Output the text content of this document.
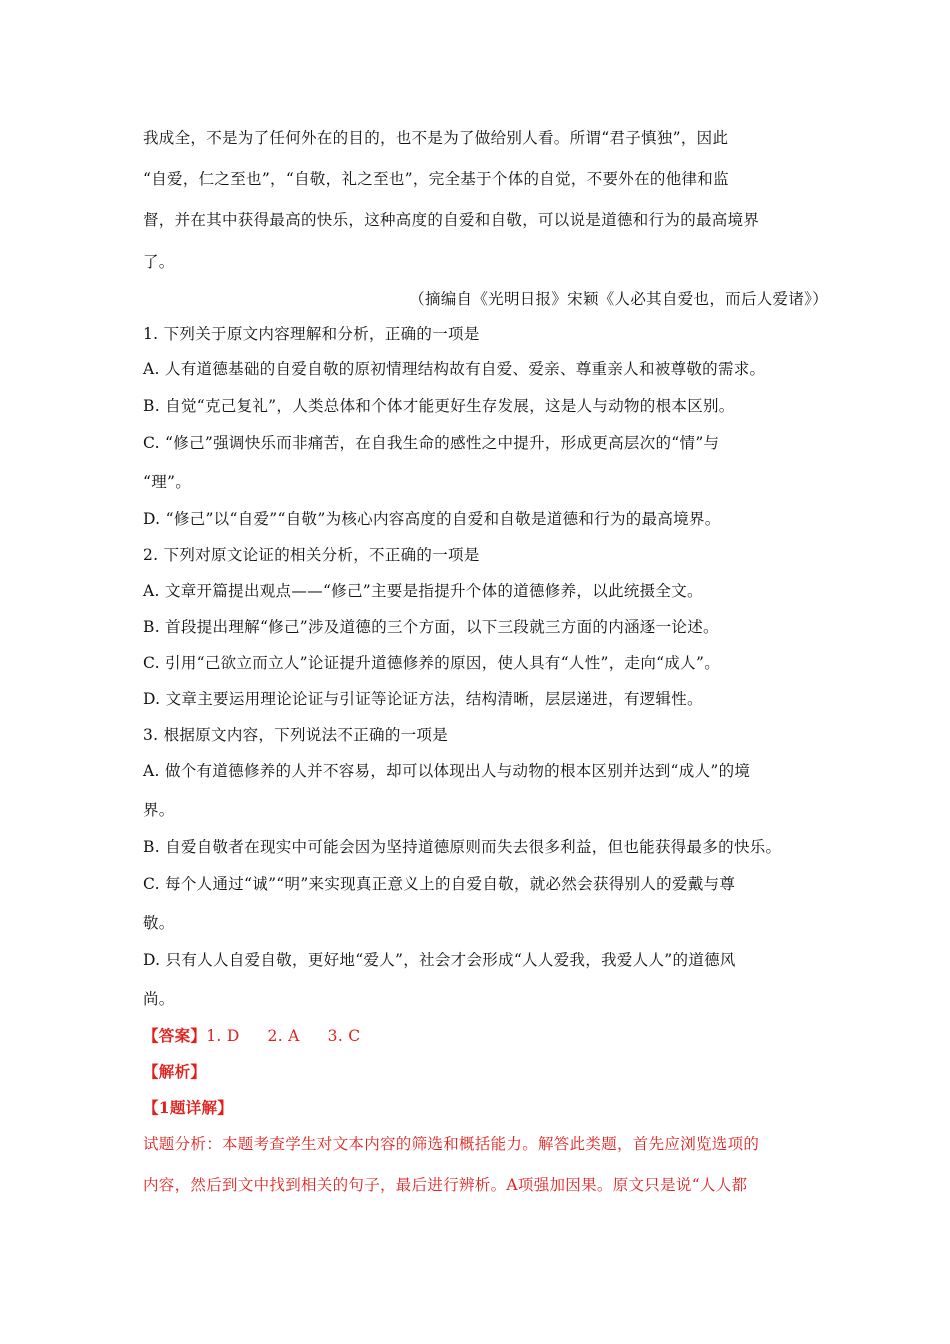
我成全，不是为了任何外在的目的，也不是为了做给别人看。所谓“君子慎独”，因此
“自爱，仁之至也”，“自敬，礼之至也”，完全基于个体的自觉，不要外在的他律和监
督，并在其中获得最高的快乐，这种高度的自爱和自敬，可以说是道德和行为的最高境界
了。
（摘编自《光明日报》宋颖《人必其自爱也，而后人爱诸》）
1. 下列关于原文内容理解和分析，正确的一项是
A. 人有道德基础的自爱自敬的原初情理结构故有自爱、爱亲、尊重亲人和被尊敬的需求。
B. 自觉“克己复礼”，人类总体和个体才能更好生存发展，这是人与动物的根本区别。
C. “修己”强调快乐而非痛苦，在自我生命的感性之中提升，形成更高层次的“情”与
“理”。
D. “修己”以“自爱”“自敬”为核心内容高度的自爱和自敬是道德和行为的最高境界。
2. 下列对原文论证的相关分析，不正确的一项是
A. 文章开篇提出观点——“修己”主要是指提升个体的道德修养，以此统摄全文。
B. 首段提出理解“修己”涉及道德的三个方面，以下三段就三方面的内涵逐一论述。
C. 引用“己欲立而立人”论证提升道德修养的原因，使人具有“人性”，走向“成人”。
D. 文章主要运用理论论证与引证等论证方法，结构清晰，层层递进，有逻辑性。
3. 根据原文内容，下列说法不正确的一项是
A. 做个有道德修养的人并不容易，却可以体现出人与动物的根本区别并达到“成人”的境
界。
B. 自爱自敬者在现实中可能会因为坚持道德原则而失去很多利益，但也能获得最多的快乐。
C. 每个人通过“诚”“明”来实现真正意义上的自爱自敬，就必然会获得别人的爱戴与尊
敬。
D. 只有人人自爱自敬，更好地“爱人”，社会才会形成“人人爱我，我爱人人”的道德风
尚。
【答案】1. D 2. A 3. C
【解析】
【1题详解】
试题分析：本题考查学生对文本内容的筛选和概括能力。解答此类题，首先应浏览选项的
内容，然后到文中找到相关的句子，最后进行辨析。A项强加因果。原文只是说“人人都
